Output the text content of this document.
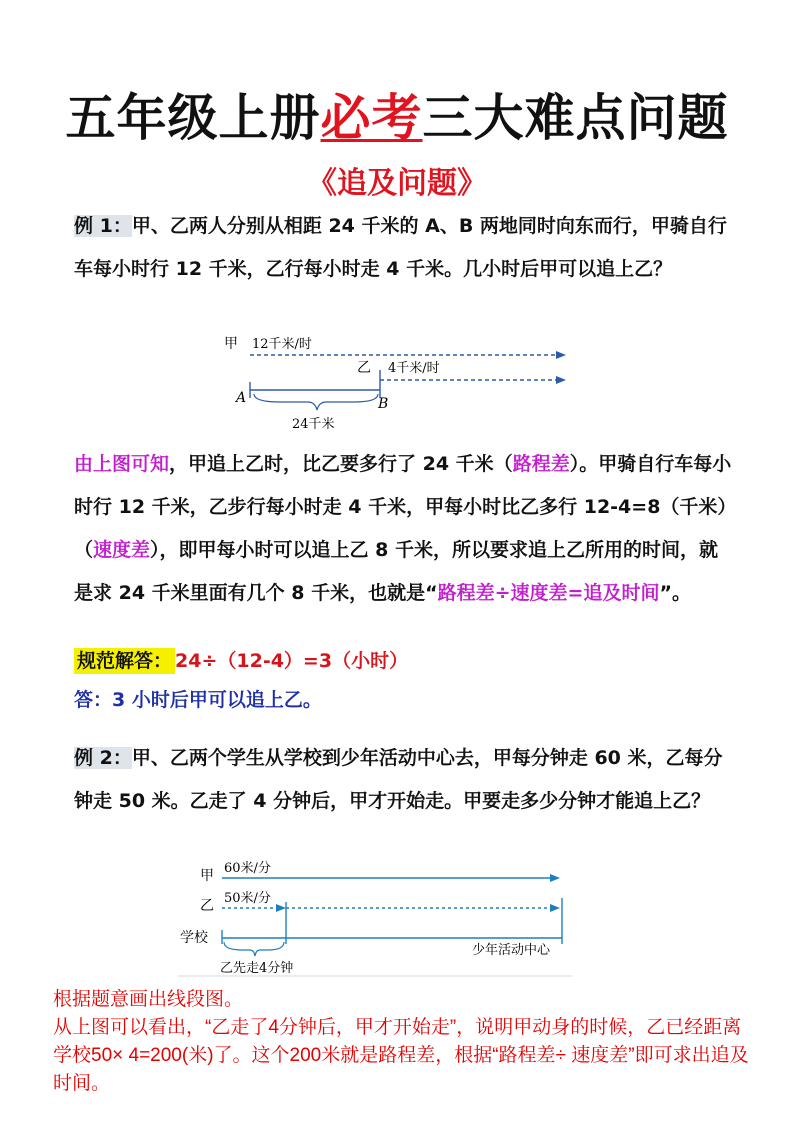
五年级上册必考三大难点问题
《追及问题》
例 1：甲、乙两人分别从相距 24 千米的 A、B 两地同时向东而行，甲骑自行车每小时行 12 千米，乙行每小时走 4 千米。几小时后甲可以追上乙？
甲 12千米/时
乙 4千米/时
A	B
24千米
由上图可知，甲追上乙时，比乙要多行了 24 千米（路程差）。甲骑自行车每小时行 12 千米，乙步行每小时走 4 千米，甲每小时比乙多行 12-4=8（千米）（速度差），即甲每小时可以追上乙 8 千米，所以要求追上乙所用的时间，就是求 24 千米里面有几个 8 千米，也就是“路程差÷速度差=追及时间”。
规范解答： 24÷（12-4）=3（小时）
答：3 小时后甲可以追上乙。
例 2：甲、乙两个学生从学校到少年活动中心去，甲每分钟走 60 米，乙每分钟走 50 米。乙走了 4 分钟后，甲才开始走。甲要走多少分钟才能追上乙？
甲 60米/分
乙 50米/分
学校
少年活动中心
乙先走4分钟
根据题意画出线段图。
从上图可以看出，“乙走了4分钟后，甲才开始走”，说明甲动身的时候，乙已经距离学校50× 4=200(米)了。这个200米就是路程差，根据“路程差÷ 速度差”即可求出追及时间。
